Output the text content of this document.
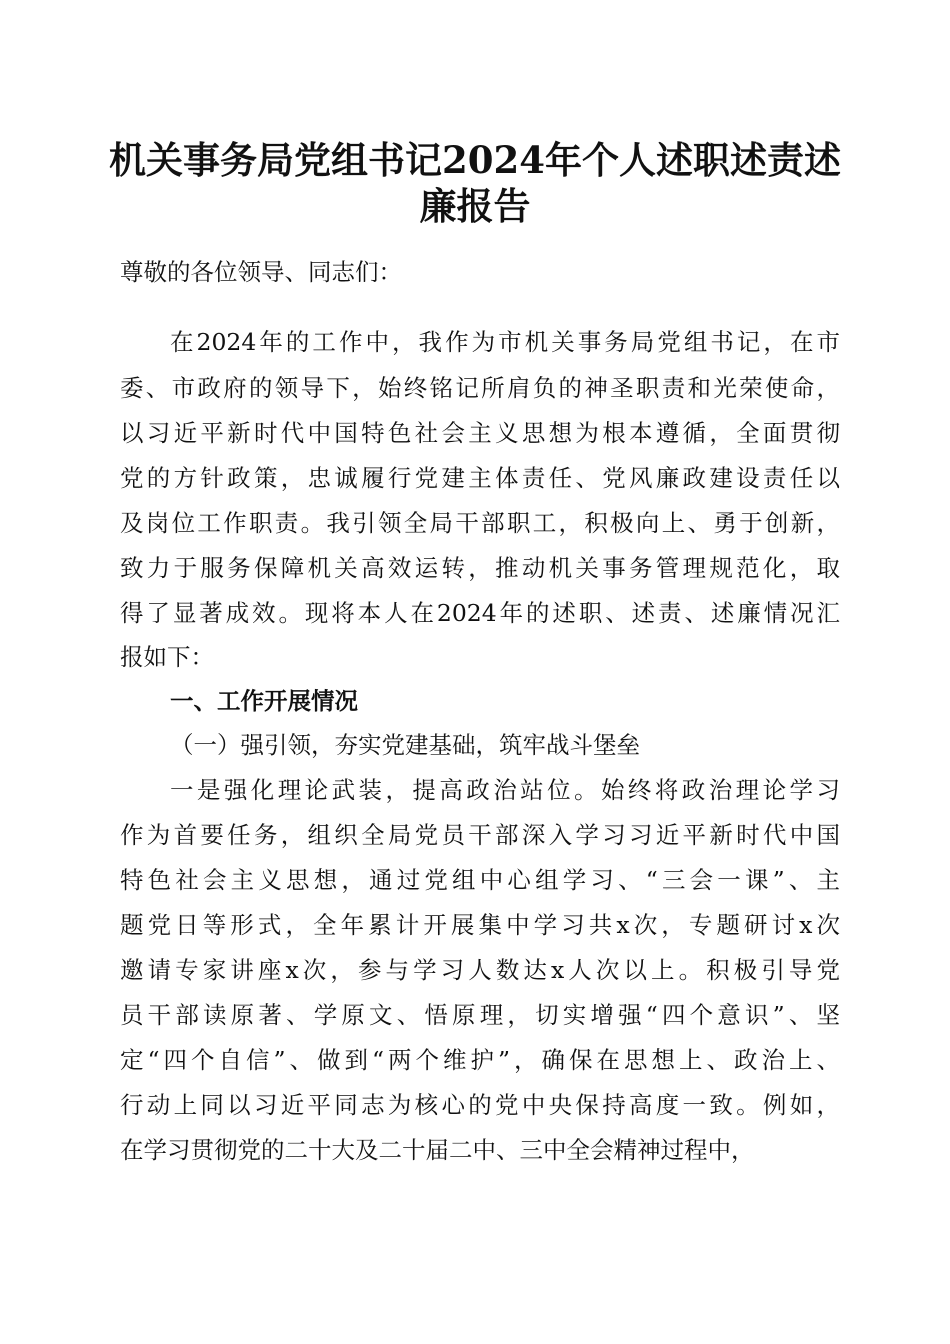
机关事务局党组书记2024年个人述职述责述
廉报告
尊敬的各位领导、同志们：
在2024年的工作中，我作为市机关事务局党组书记，在市
委、市政府的领导下，始终铭记所肩负的神圣职责和光荣使命，
以习近平新时代中国特色社会主义思想为根本遵循，全面贯彻
党的方针政策，忠诚履行党建主体责任、党风廉政建设责任以
及岗位工作职责。我引领全局干部职工，积极向上、勇于创新，
致力于服务保障机关高效运转，推动机关事务管理规范化，取
得了显著成效。现将本人在2024年的述职、述责、述廉情况汇
报如下：
一、工作开展情况
（一）强引领，夯实党建基础，筑牢战斗堡垒
一是强化理论武装，提高政治站位。始终将政治理论学习
作为首要任务，组织全局党员干部深入学习习近平新时代中国
特色社会主义思想，通过党组中心组学习、“三会一课”、主
题党日等形式，全年累计开展集中学习共x次，专题研讨x次
邀请专家讲座x次，参与学习人数达x人次以上。积极引导党
员干部读原著、学原文、悟原理，切实增强“四个意识”、坚
定“四个自信”、做到“两个维护”，确保在思想上、政治上、
行动上同以习近平同志为核心的党中央保持高度一致。例如，
在学习贯彻党的二十大及二十届二中、三中全会精神过程中，
